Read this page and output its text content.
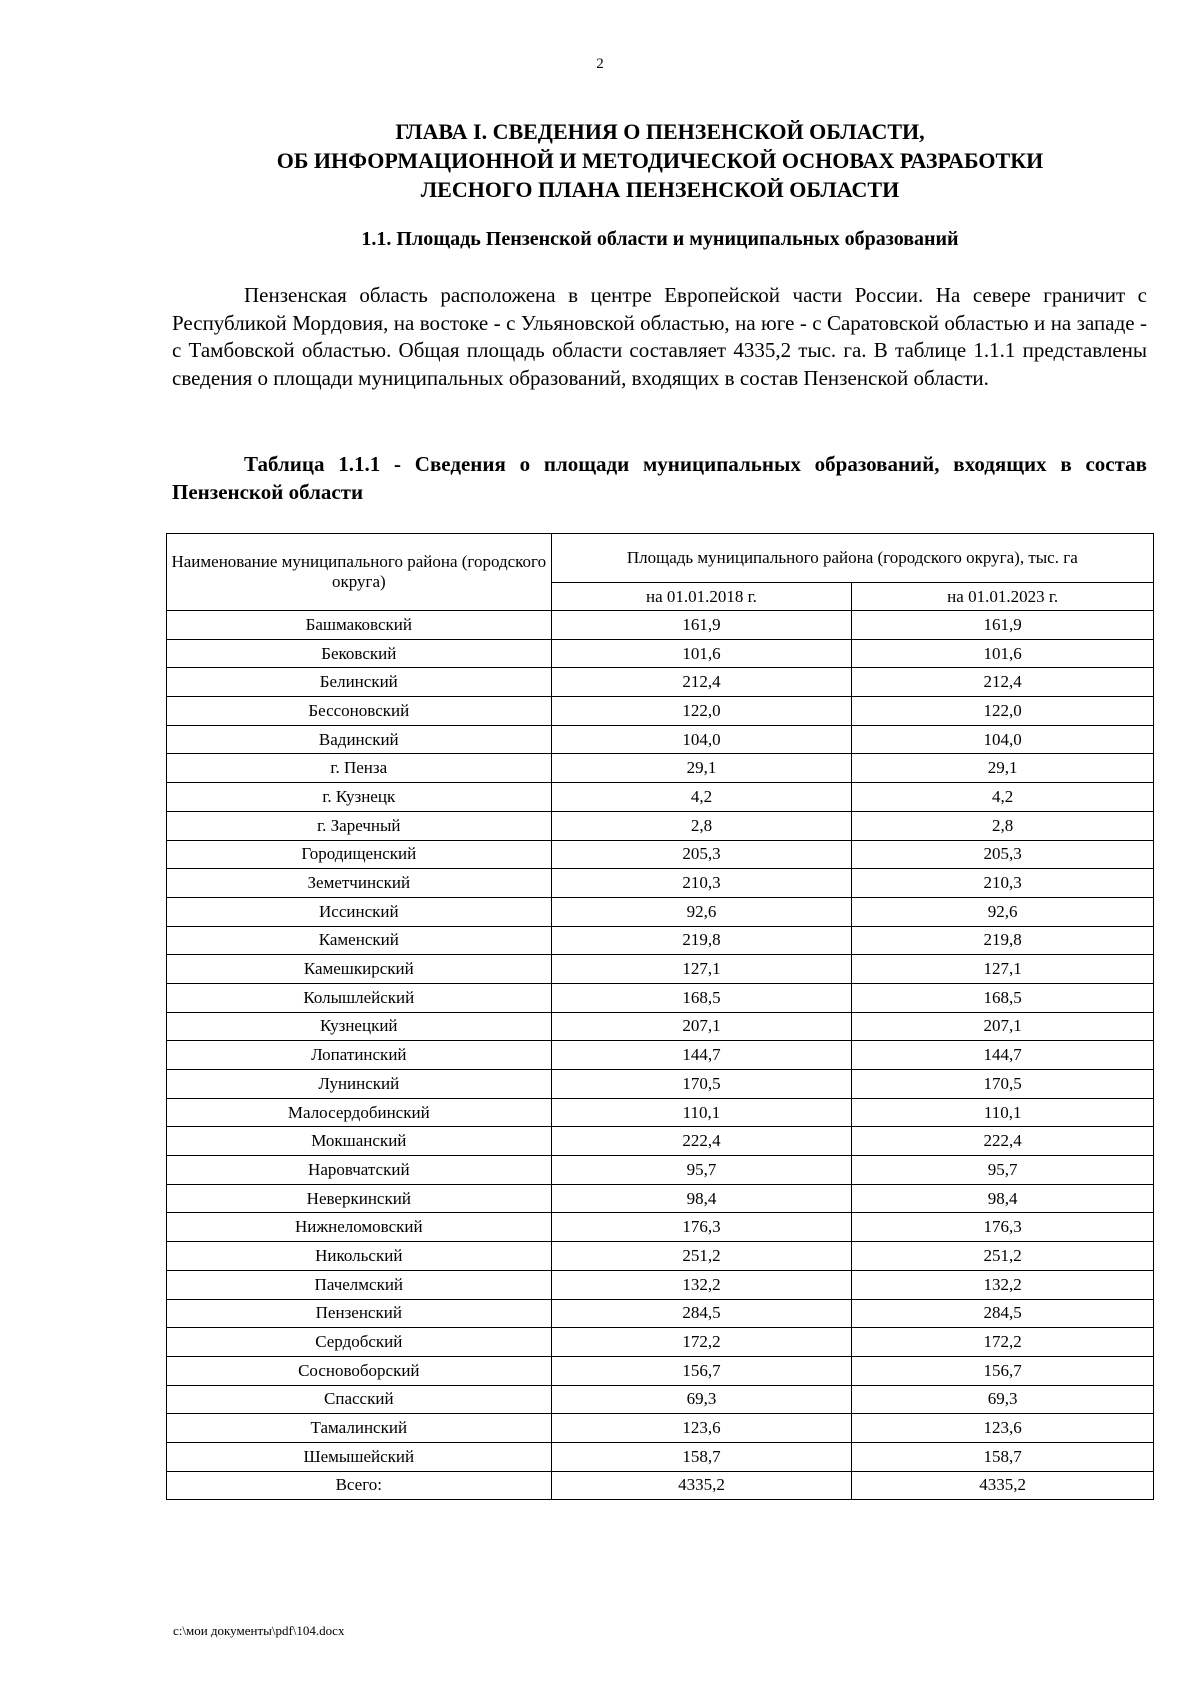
2
ГЛАВА I. СВЕДЕНИЯ О ПЕНЗЕНСКОЙ ОБЛАСТИ,
ОБ ИНФОРМАЦИОННОЙ И МЕТОДИЧЕСКОЙ ОСНОВАХ РАЗРАБОТКИ
ЛЕСНОГО ПЛАНА ПЕНЗЕНСКОЙ ОБЛАСТИ
1.1. Площадь Пензенской области и муниципальных образований

Пензенская область расположена в центре Европейской части России. На севере граничит с Республикой Мордовия, на востоке - с Ульяновской областью, на юге - с Саратовской областью и на западе - с Тамбовской областью. Общая площадь области составляет 4335,2 тыс. га. В таблице 1.1.1 представлены сведения о площади муниципальных образований, входящих в состав Пензенской области.

Таблица 1.1.1 - Сведения о площади муниципальных образований, входящих в состав Пензенской области

Наименование муниципального района (городского округа)	Площадь муниципального района (городского округа), тыс. га	
	на 01.01.2018 г.	на 01.01.2023 г.
Башмаковский	161,9	161,9
Бековский	101,6	101,6
Белинский	212,4	212,4
Бессоновский	122,0	122,0
Вадинский	104,0	104,0
г. Пенза	29,1	29,1
г. Кузнецк	4,2	4,2
г. Заречный	2,8	2,8
Городищенский	205,3	205,3
Земетчинский	210,3	210,3
Иссинский	92,6	92,6
Каменский	219,8	219,8
Камешкирский	127,1	127,1
Колышлейский	168,5	168,5
Кузнецкий	207,1	207,1
Лопатинский	144,7	144,7
Лунинский	170,5	170,5
Малосердобинский	110,1	110,1
Мокшанский	222,4	222,4
Наровчатский	95,7	95,7
Неверкинский	98,4	98,4
Нижнеломовский	176,3	176,3
Никольский	251,2	251,2
Пачелмский	132,2	132,2
Пензенский	284,5	284,5
Сердобский	172,2	172,2
Сосновоборский	156,7	156,7
Спасский	69,3	69,3
Тамалинский	123,6	123,6
Шемышейский	158,7	158,7
Всего:	4335,2	4335,2
c:\мои документы\pdf\104.docx
